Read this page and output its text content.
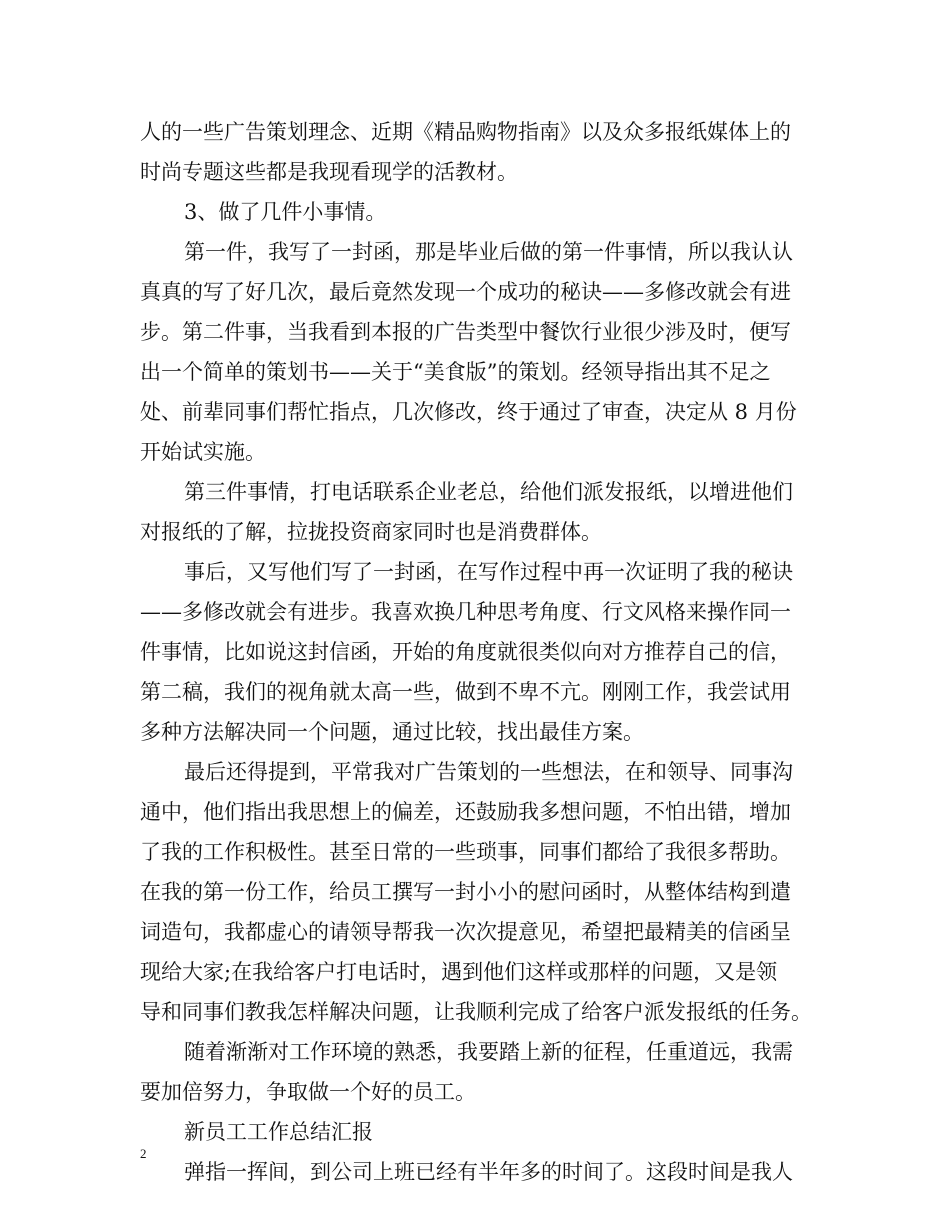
人的一些广告策划理念、近期《精品购物指南》以及众多报纸媒体上的
时尚专题这些都是我现看现学的活教材。
3、做了几件小事情。
第一件，我写了一封函，那是毕业后做的第一件事情，所以我认认
真真的写了好几次，最后竟然发现一个成功的秘诀——多修改就会有进
步。第二件事，当我看到本报的广告类型中餐饮行业很少涉及时，便写
出一个简单的策划书——关于“美食版”的策划。经领导指出其不足之
处、前辈同事们帮忙指点，几次修改，终于通过了审查，决定从 8 月份
开始试实施。
第三件事情，打电话联系企业老总，给他们派发报纸，以增进他们
对报纸的了解，拉拢投资商家同时也是消费群体。
事后，又写他们写了一封函，在写作过程中再一次证明了我的秘诀
——多修改就会有进步。我喜欢换几种思考角度、行文风格来操作同一
件事情，比如说这封信函，开始的角度就很类似向对方推荐自己的信，
第二稿，我们的视角就太高一些，做到不卑不亢。刚刚工作，我尝试用
多种方法解决同一个问题，通过比较，找出最佳方案。
最后还得提到，平常我对广告策划的一些想法，在和领导、同事沟
通中，他们指出我思想上的偏差，还鼓励我多想问题，不怕出错，增加
了我的工作积极性。甚至日常的一些琐事，同事们都给了我很多帮助。
在我的第一份工作，给员工撰写一封小小的慰问函时，从整体结构到遣
词造句，我都虚心的请领导帮我一次次提意见，希望把最精美的信函呈
现给大家;在我给客户打电话时，遇到他们这样或那样的问题，又是领
导和同事们教我怎样解决问题，让我顺利完成了给客户派发报纸的任务。
随着渐渐对工作环境的熟悉，我要踏上新的征程，任重道远，我需
要加倍努力，争取做一个好的员工。
新员工工作总结汇报
弹指一挥间，到公司上班已经有半年多的时间了。这段时间是我人
2
